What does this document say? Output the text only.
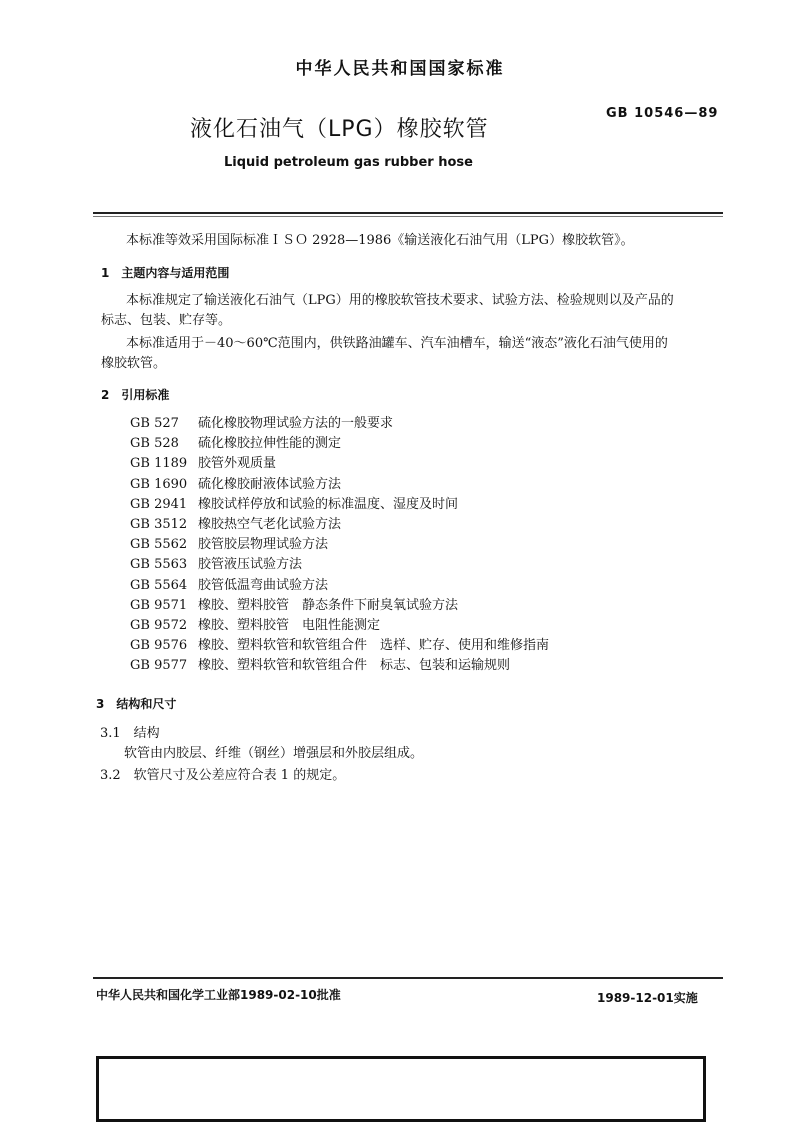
中华人民共和国国家标准
液化石油气（LPG）橡胶软管
GB 10546—89
Liquid petroleum gas rubber hose
本标准等效采用国际标准ＩＳＯ 2928—1986《输送液化石油气用（LPG）橡胶软管》。
1　主题内容与适用范围
本标准规定了输送液化石油气（LPG）用的橡胶软管技术要求、试验方法、检验规则以及产品的
标志、包装、贮存等。
本标准适用于－40～60℃范围内，供铁路油罐车、汽车油槽车，输送“液态”液化石油气使用的
橡胶软管。
2　引用标准
GB 527 硫化橡胶物理试验方法的一般要求
GB 528 硫化橡胶拉伸性能的测定
GB 1189 胶管外观质量
GB 1690 硫化橡胶耐液体试验方法
GB 2941 橡胶试样停放和试验的标准温度、湿度及时间
GB 3512 橡胶热空气老化试验方法
GB 5562 胶管胶层物理试验方法
GB 5563 胶管液压试验方法
GB 5564 胶管低温弯曲试验方法
GB 9571 橡胶、塑料胶管　静态条件下耐臭氧试验方法
GB 9572 橡胶、塑料胶管　电阻性能测定
GB 9576 橡胶、塑料软管和软管组合件　选样、贮存、使用和维修指南
GB 9577 橡胶、塑料软管和软管组合件　标志、包装和运输规则
3　结构和尺寸
3.1　结构
软管由内胶层、纤维（钢丝）增强层和外胶层组成。
3.2　软管尺寸及公差应符合表 1 的规定。
中华人民共和国化学工业部1989-02-10批准	1989-12-01实施
